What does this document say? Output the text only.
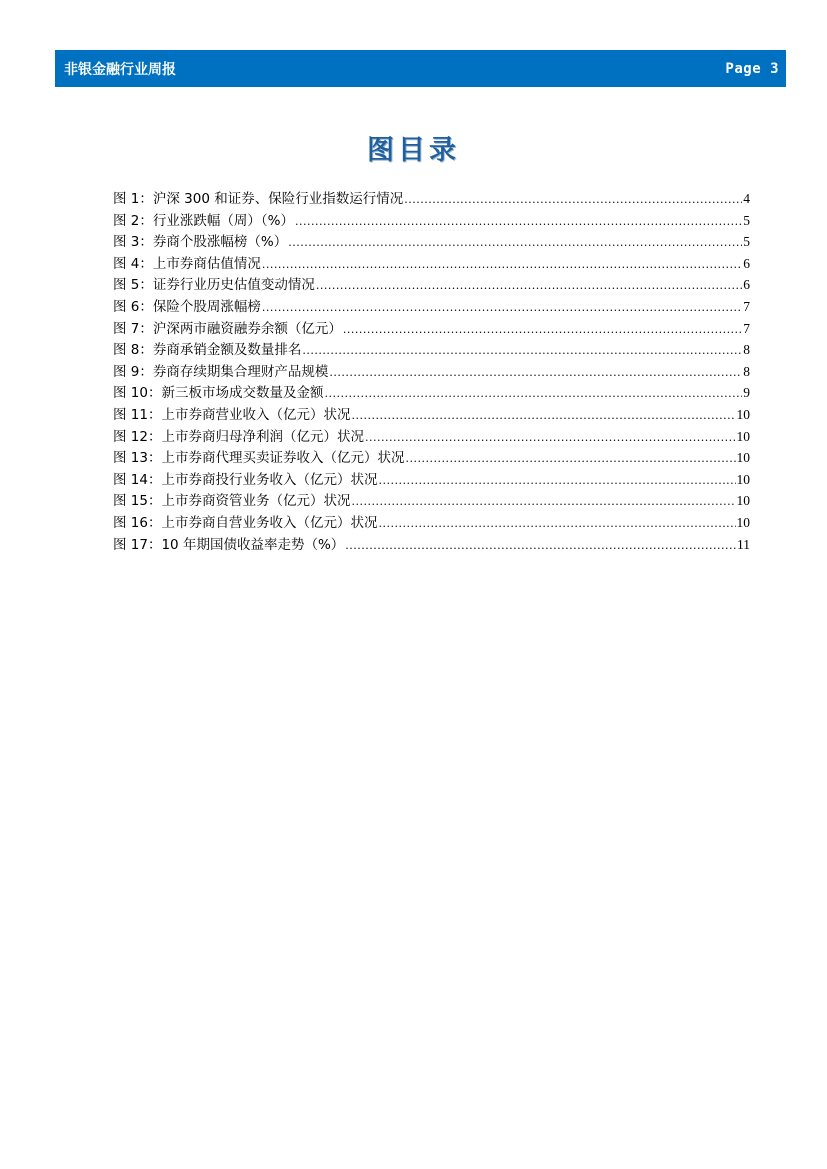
非银金融行业周报	Page 3
图目录
图 1：沪深 300 和证券、保险行业指数运行情况 .....	4
图 2：行业涨跌幅（周）（%） .....	5
图 3：券商个股涨幅榜（%） .....	5
图 4：上市券商估值情况 .....	6
图 5：证券行业历史估值变动情况 .....	6
图 6：保险个股周涨幅榜 .....	7
图 7：沪深两市融资融券余额（亿元） .....	7
图 8：券商承销金额及数量排名 .....	8
图 9：券商存续期集合理财产品规模 .....	8
图 10：新三板市场成交数量及金额 .....	9
图 11：上市券商营业收入（亿元）状况 .....	10
图 12：上市券商归母净利润（亿元）状况 .....	10
图 13：上市券商代理买卖证券收入（亿元）状况 .....	10
图 14：上市券商投行业务收入（亿元）状况 .....	10
图 15：上市券商资管业务（亿元）状况 .....	10
图 16：上市券商自营业务收入（亿元）状况 .....	10
图 17：10 年期国债收益率走势（%） .....	11
